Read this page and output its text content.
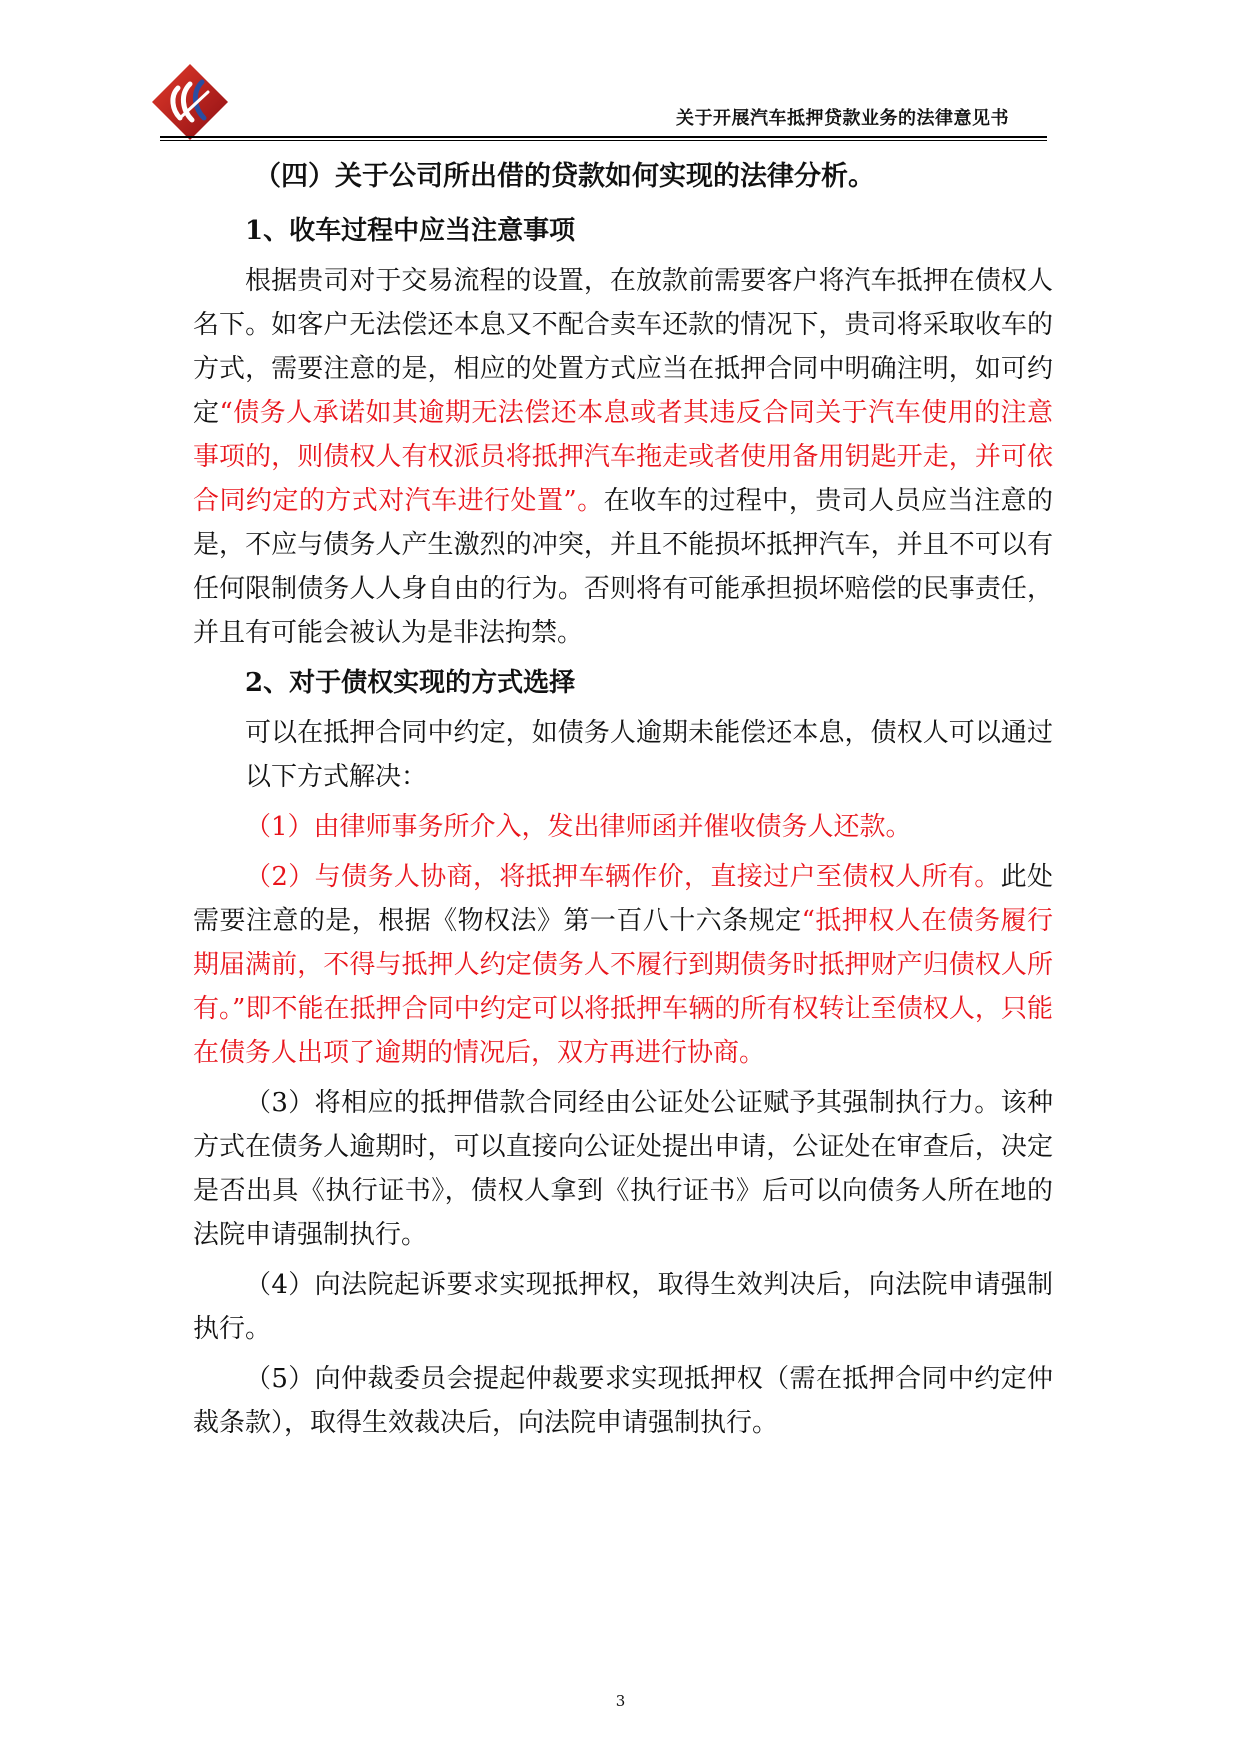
关于开展汽车抵押贷款业务的法律意见书

（四）关于公司所出借的贷款如何实现的法律分析。

1、收车过程中应当注意事项

根据贵司对于交易流程的设置，在放款前需要客户将汽车抵押在债权人名下。如客户无法偿还本息又不配合卖车还款的情况下，贵司将采取收车的方式，需要注意的是，相应的处置方式应当在抵押合同中明确注明，如可约定“债务人承诺如其逾期无法偿还本息或者其违反合同关于汽车使用的注意事项的，则债权人有权派员将抵押汽车拖走或者使用备用钥匙开走，并可依合同约定的方式对汽车进行处置”。在收车的过程中，贵司人员应当注意的是，不应与债务人产生激烈的冲突，并且不能损坏抵押汽车，并且不可以有任何限制债务人人身自由的行为。否则将有可能承担损坏赔偿的民事责任，并且有可能会被认为是非法拘禁。

2、对于债权实现的方式选择

可以在抵押合同中约定，如债务人逾期未能偿还本息，债权人可以通过以下方式解决：

（1）由律师事务所介入，发出律师函并催收债务人还款。

（2）与债务人协商，将抵押车辆作价，直接过户至债权人所有。此处需要注意的是，根据《物权法》第一百八十六条规定“抵押权人在债务履行期届满前，不得与抵押人约定债务人不履行到期债务时抵押财产归债权人所有。”即不能在抵押合同中约定可以将抵押车辆的所有权转让至债权人，只能在债务人出项了逾期的情况后，双方再进行协商。

（3）将相应的抵押借款合同经由公证处公证赋予其强制执行力。该种方式在债务人逾期时，可以直接向公证处提出申请，公证处在审查后，决定是否出具《执行证书》，债权人拿到《执行证书》后可以向债务人所在地的法院申请强制执行。

（4）向法院起诉要求实现抵押权，取得生效判决后，向法院申请强制执行。

（5）向仲裁委员会提起仲裁要求实现抵押权（需在抵押合同中约定仲裁条款），取得生效裁决后，向法院申请强制执行。

3
